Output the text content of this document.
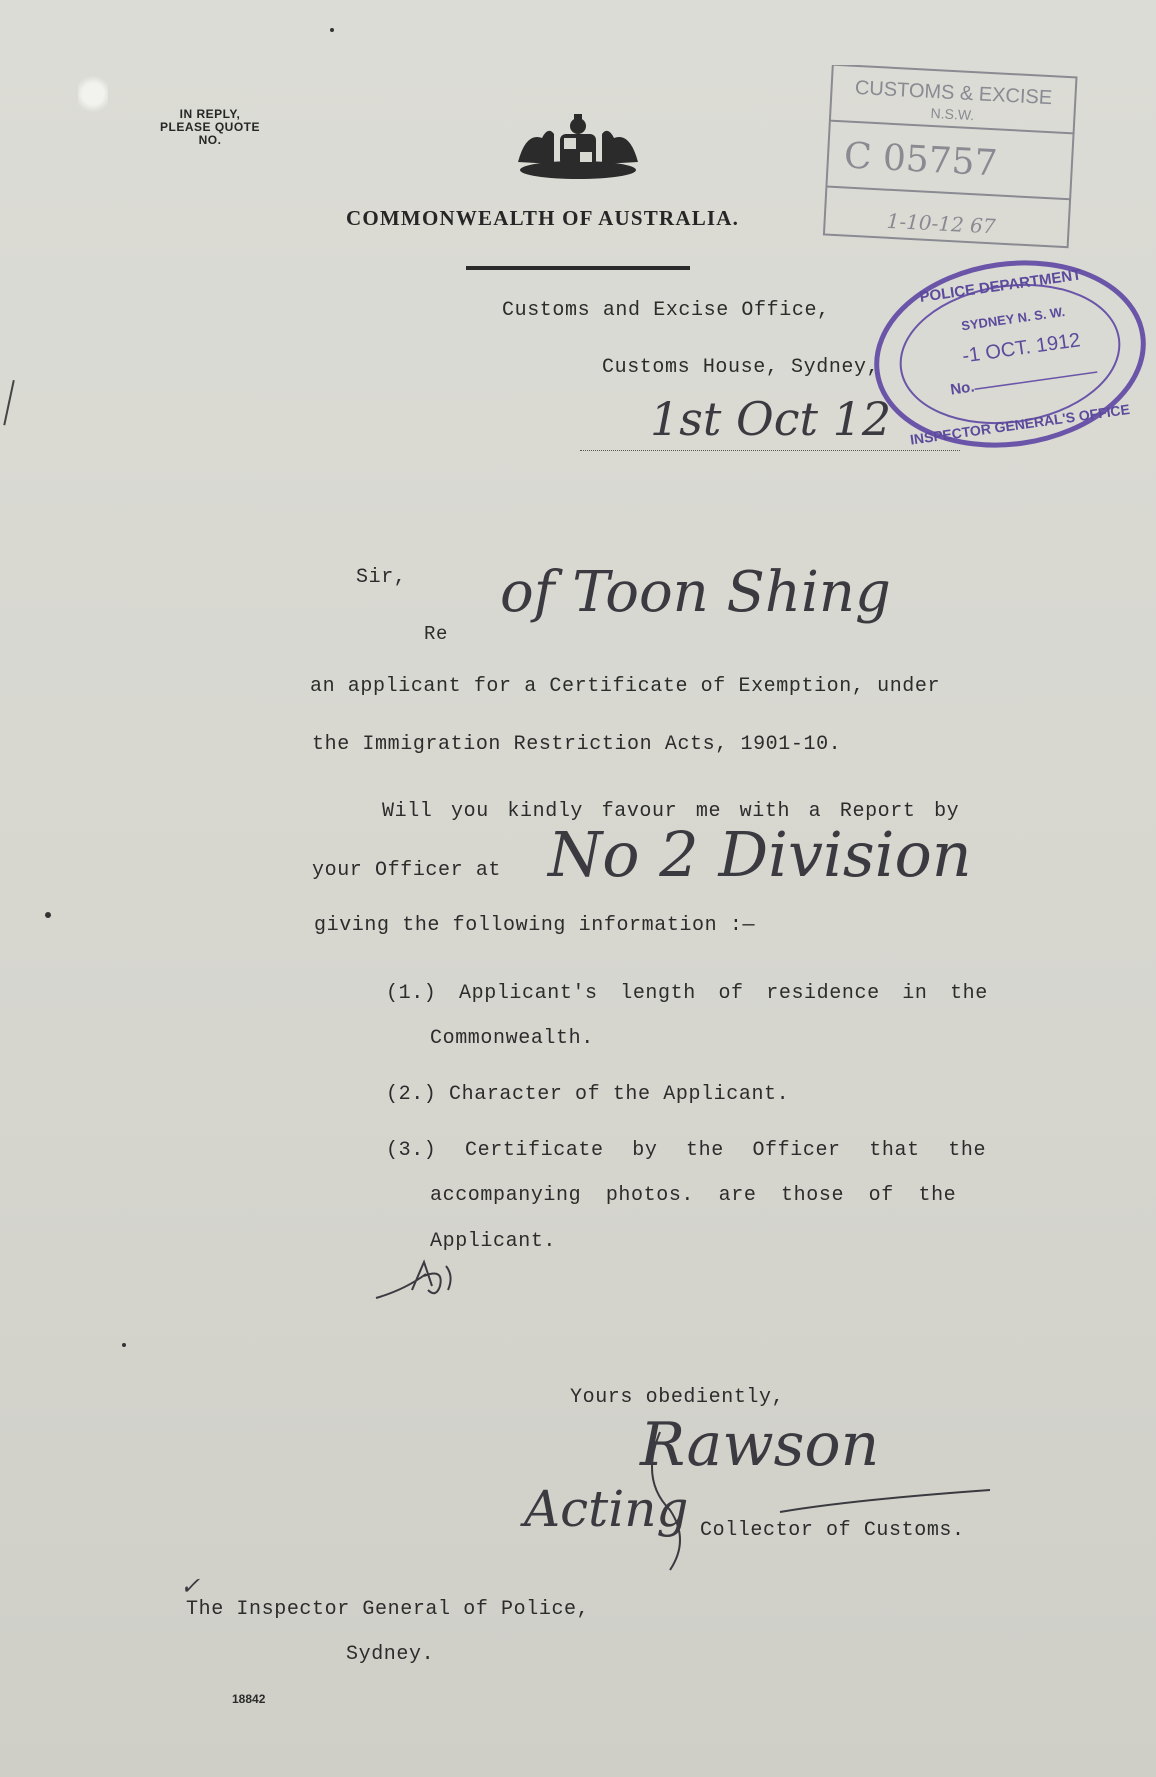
IN REPLY,
PLEASE QUOTE
NO.
COMMONWEALTH OF AUSTRALIA.
Customs and Excise Office,
Customs House, Sydney,
1st Oct 12
CUSTOMS & EXCISE
N.S.W.
C 05757
1-10-12 67
POLICE DEPARTMENT
SYDNEY N. S. W.
-1 OCT. 1912
No.
INSPECTOR GENERAL'S OFFICE
Sir,
Re
of Toon Shing
an applicant for a Certificate of Exemption, under
the Immigration Restriction Acts, 1901-10.
Will you kindly favour me with a Report by
your Officer at No 2 Division
giving the following information :—
(1.) Applicant's length of residence in the
Commonwealth.
(2.) Character of the Applicant.
(3.) Certificate by the Officer that the
accompanying photos. are those of the
Applicant.
Yours obediently,
Rawson
Acting Collector of Customs.
✓
The Inspector General of Police,
Sydney.
18842
